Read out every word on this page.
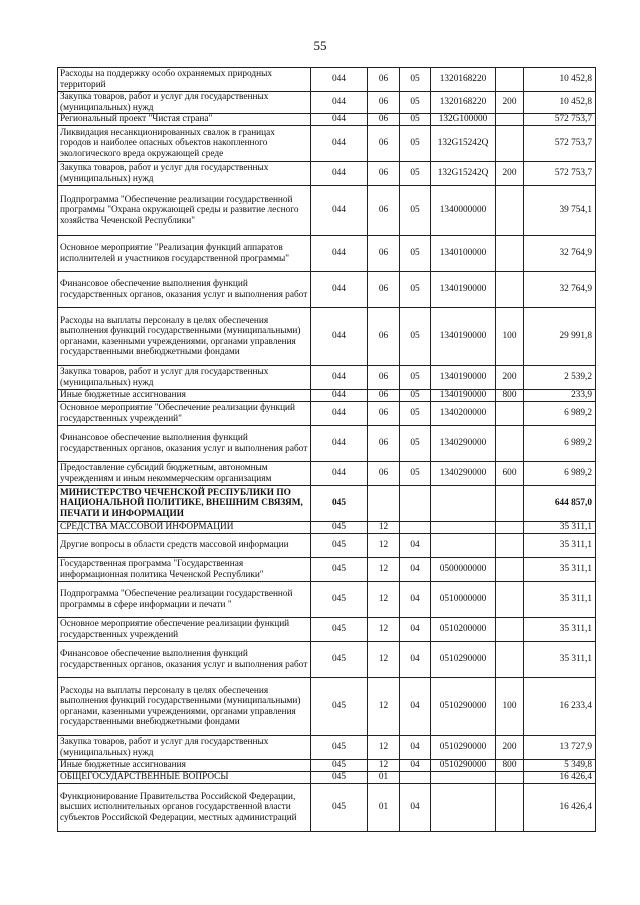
55
Расходы на поддержку особо охраняемых природных территорий	044	06	05	1320168220		10 452,8
Закупка товаров, работ и услуг для государственных (муниципальных) нужд	044	06	05	1320168220	200	10 452,8
Региональный проект "Чистая страна"	044	06	05	132G100000		572 753,7
Ликвидация несанкционированных свалок в границах городов и наиболее опасных объектов накопленного экологического вреда окружающей среде	044	06	05	132G15242Q		572 753,7
Закупка товаров, работ и услуг для государственных (муниципальных) нужд	044	06	05	132G15242Q	200	572 753,7
Подпрограмма "Обеспечение реализации государственной программы "Охрана окружающей среды и развитие лесного хозяйства Чеченской Республики"	044	06	05	1340000000		39 754,1
Основное мероприятие "Реализация функций аппаратов исполнителей и участников государственной программы"	044	06	05	1340100000		32 764,9
Финансовое обеспечение выполнения функций государственных органов, оказания услуг и выполнения работ	044	06	05	1340190000		32 764,9
Расходы на выплаты персоналу в целях обеспечения выполнения функций государственными (муниципальными) органами, казенными учреждениями, органами управления государственными внебюджетными фондами	044	06	05	1340190000	100	29 991,8
Закупка товаров, работ и услуг для государственных (муниципальных) нужд	044	06	05	1340190000	200	2 539,2
Иные бюджетные ассигнования	044	06	05	1340190000	800	233,9
Основное мероприятие "Обеспечение реализации функций государственных учреждений"	044	06	05	1340200000		6 989,2
Финансовое обеспечение выполнения функций государственных органов, оказания услуг и выполнения работ	044	06	05	1340290000		6 989,2
Предоставление субсидий бюджетным, автономным учреждениям и иным некоммерческим организациям	044	06	05	1340290000	600	6 989,2
МИНИСТЕРСТВО ЧЕЧЕНСКОЙ РЕСПУБЛИКИ ПО НАЦИОНАЛЬНОЙ ПОЛИТИКЕ, ВНЕШНИМ СВЯЗЯМ, ПЕЧАТИ И ИНФОРМАЦИИ	045					644 857,0
СРЕДСТВА МАССОВОЙ ИНФОРМАЦИИ	045	12				35 311,1
Другие вопросы в области средств массовой информации	045	12	04			35 311,1
Государственная программа "Государственная информационная политика Чеченской Республики"	045	12	04	0500000000		35 311,1
Подпрограмма "Обеспечение реализации государственной программы в сфере информации и печати "	045	12	04	0510000000		35 311,1
Основное мероприятие обеспечение реализации функций государственных учреждений	045	12	04	0510200000		35 311,1
Финансовое обеспечение выполнения функций государственных органов, оказания услуг и выполнения работ	045	12	04	0510290000		35 311,1
Расходы на выплаты персоналу в целях обеспечения выполнения функций государственными (муниципальными) органами, казенными учреждениями, органами управления государственными внебюджетными фондами	045	12	04	0510290000	100	16 233,4
Закупка товаров, работ и услуг для государственных (муниципальных) нужд	045	12	04	0510290000	200	13 727,9
Иные бюджетные ассигнования	045	12	04	0510290000	800	5 349,8
ОБЩЕГОСУДАРСТВЕННЫЕ ВОПРОСЫ	045	01				16 426,4
Функционирование Правительства Российской Федерации, высших исполнительных органов государственной власти субъектов Российской Федерации, местных администраций	045	01	04			16 426,4
